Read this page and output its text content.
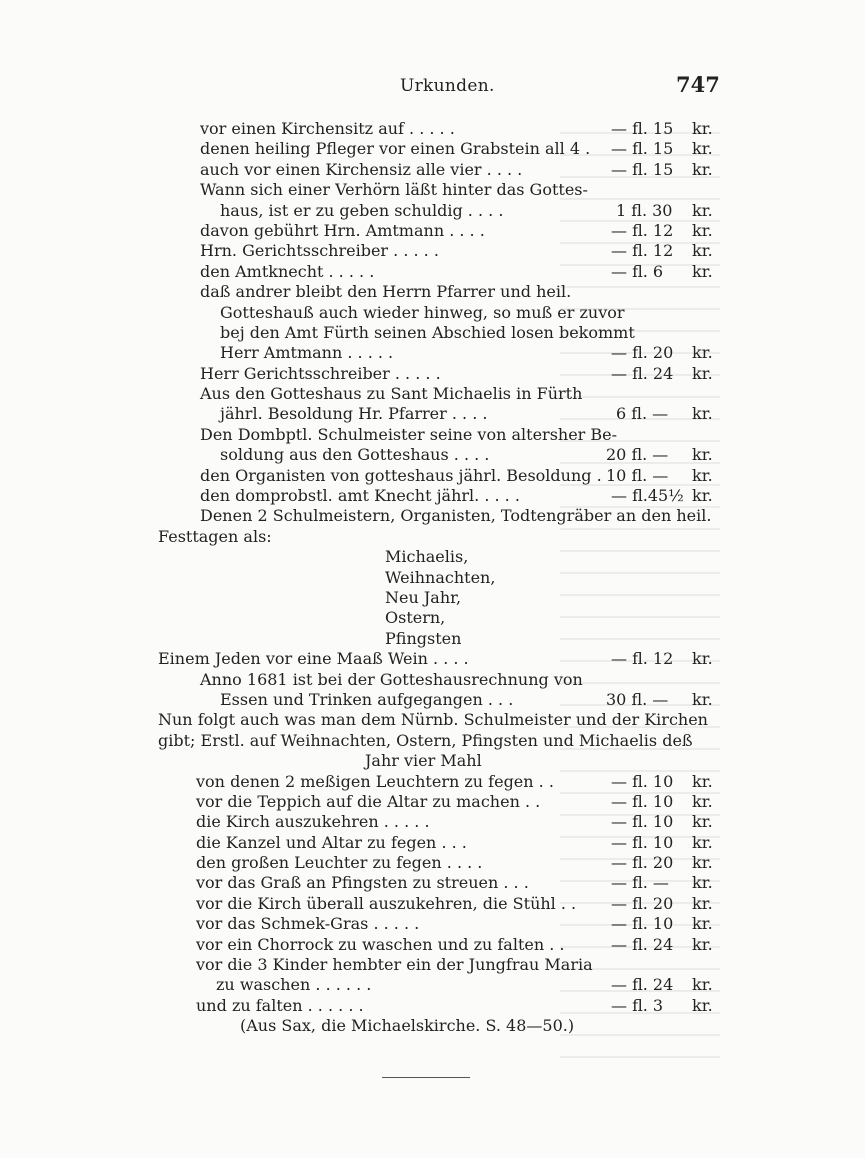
Urkunden.	747
vor einen Kirchensitz auf . . . . .	— fl. 15 kr.
denen heiling Pfleger vor einen Grabstein all 4 . — fl. 15 kr.
auch vor einen Kirchensiz alle vier . . . .	— fl. 15 kr.
Wann sich einer Verhörn läßt hinter das Gottes-
haus, ist er zu geben schuldig . . . .	1 fl. 30 kr.
davon gebührt Hrn. Amtmann . . . .	— fl. 12 kr.
Hrn. Gerichtsschreiber . . . . .	— fl. 12 kr.
den Amtknecht . . . . .	— fl. 6 kr.
daß andrer bleibt den Herrn Pfarrer und heil.
Gotteshauß auch wieder hinweg, so muß er zuvor
bej den Amt Fürth seinen Abschied losen bekommt
Herr Amtmann . . . . .	— fl. 20 kr.
Herr Gerichtsschreiber . . . . .	— fl. 24 kr.
Aus den Gotteshaus zu Sant Michaelis in Fürth
jährl. Besoldung Hr. Pfarrer . . . .	6 fl. — kr.
Den Dombptl. Schulmeister seine von altersher Be-
soldung aus den Gotteshaus . . . .	20 fl. — kr.
den Organisten von gotteshaus jährl. Besoldung . 10 fl. — kr.
den domprobstl. amt Knecht jährl. . . . .	— fl.45½ kr.
Denen 2 Schulmeistern, Organisten, Todtengräber an den heil.
Festtagen als:
Michaelis,
Weihnachten,
Neu Jahr,
Ostern,
Pfingsten
Einem Jeden vor eine Maaß Wein . . . .	— fl. 12 kr.
Anno 1681 ist bei der Gotteshausrechnung von
Essen und Trinken aufgegangen . . .	30 fl. — kr.
Nun folgt auch was man dem Nürnb. Schulmeister und der Kirchen
gibt; Erstl. auf Weihnachten, Ostern, Pfingsten und Michaelis deß
Jahr vier Mahl
von denen 2 meßigen Leuchtern zu fegen . .	— fl. 10 kr.
vor die Teppich auf die Altar zu machen . .	— fl. 10 kr.
die Kirch auszukehren . . . . .	— fl. 10 kr.
die Kanzel und Altar zu fegen . . .	— fl. 10 kr.
den großen Leuchter zu fegen . . . .	— fl. 20 kr.
vor das Graß an Pfingsten zu streuen . . .	— fl. — kr.
vor die Kirch überall auszukehren, die Stühl . . — fl. 20 kr.
vor das Schmek-Gras . . . . .	— fl. 10 kr.
vor ein Chorrock zu waschen und zu falten . .	— fl. 24 kr.
vor die 3 Kinder hembter ein der Jungfrau Maria
zu waschen . . . . . .	— fl. 24 kr.
und zu falten . . . . . .	— fl. 3 kr.
(Aus Sax, die Michaelskirche. S. 48—50.)
